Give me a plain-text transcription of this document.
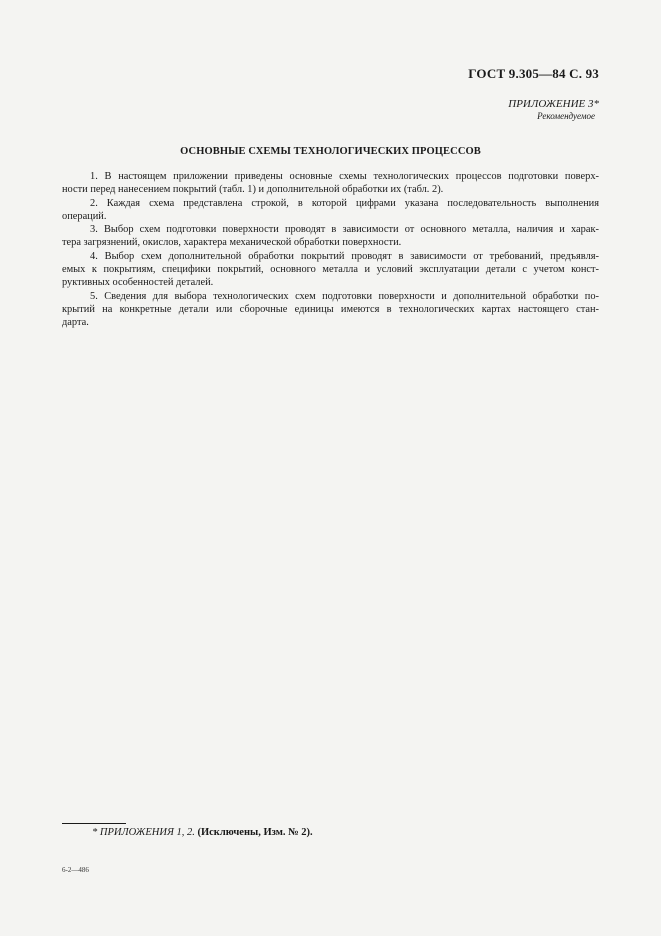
ГОСТ 9.305—84 С. 93
ПРИЛОЖЕНИЕ 3*
Рекомендуемое
ОСНОВНЫЕ СХЕМЫ ТЕХНОЛОГИЧЕСКИХ ПРОЦЕССОВ
1. В настоящем приложении приведены основные схемы технологических процессов подготовки поверх-
ности перед нанесением покрытий (табл. 1) и дополнительной обработки их (табл. 2).
2. Каждая схема представлена строкой, в которой цифрами указана последовательность выполнения
операций.
3. Выбор схем подготовки поверхности проводят в зависимости от основного металла, наличия и харак-
тера загрязнений, окислов, характера механической обработки поверхности.
4. Выбор схем дополнительной обработки покрытий проводят в зависимости от требований, предъявля-
емых к покрытиям, специфики покрытий, основного металла и условий эксплуатации детали с учетом конст-
руктивных особенностей деталей.
5. Сведения для выбора технологических схем подготовки поверхности и дополнительной обработки по-
крытий на конкретные детали или сборочные единицы имеются в технологических картах настоящего стан-
дарта.
* ПРИЛОЖЕНИЯ 1, 2. (Исключены, Изм. № 2).
6-2—486
